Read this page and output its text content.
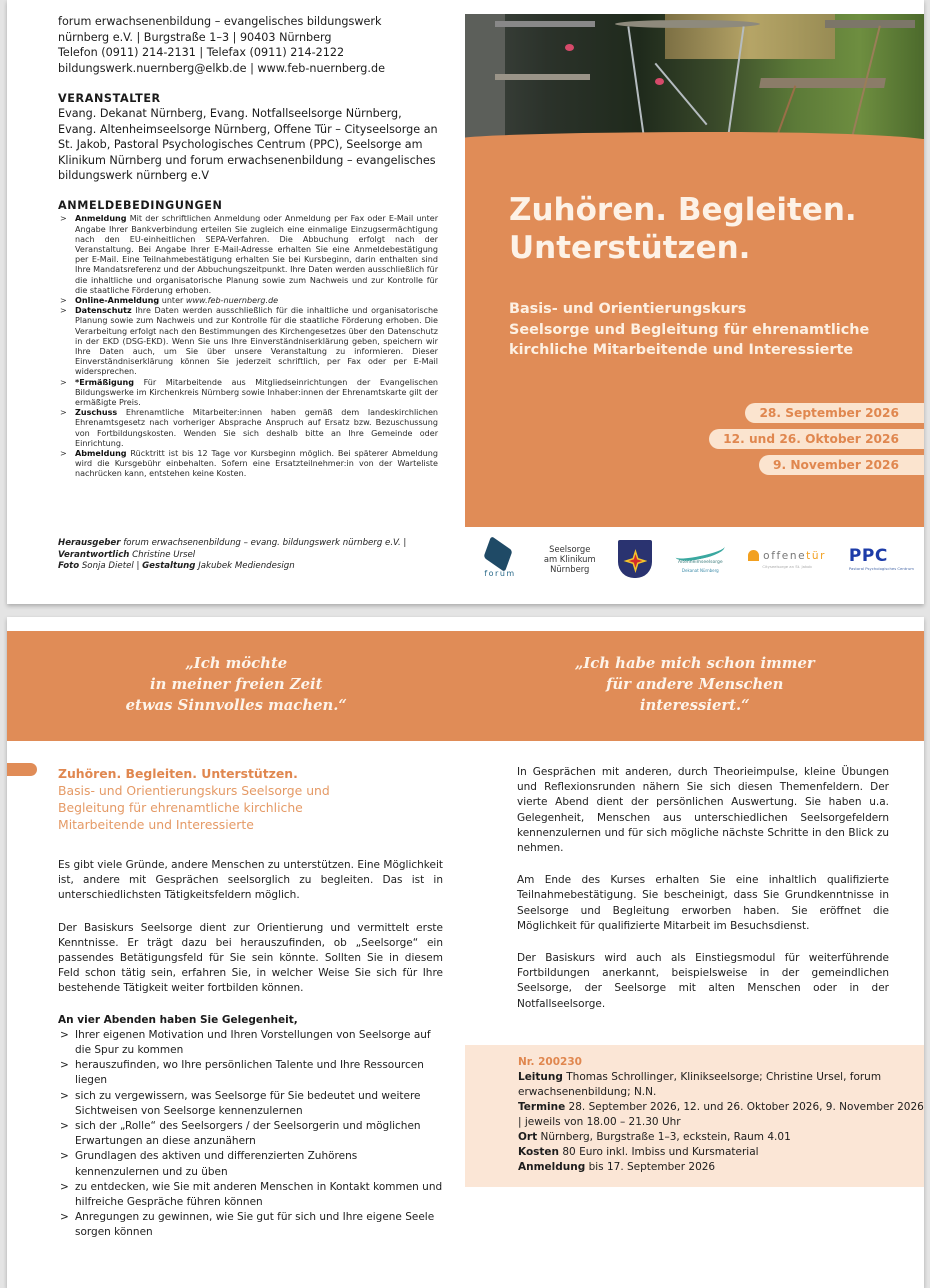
forum erwachsenenbildung – evangelisches bildungswerk
nürnberg e.V. | Burgstraße 1–3 | 90403 Nürnberg
Telefon (0911) 214-2131 | Telefax (0911) 214-2122
bildungswerk.nuernberg@elkb.de | www.feb-nuernberg.de
VERANSTALTER
Evang. Dekanat Nürnberg, Evang. Notfallseelsorge Nürnberg, Evang. Altenheimseelsorge Nürnberg, Offene Tür – Cityseelsorge an St. Jakob, Pastoral Psychologisches Centrum (PPC), Seelsorge am Klinikum Nürnberg und forum erwachsenenbildung – evangelisches bildungswerk nürnberg e.V
ANMELDEBEDINGUNGEN
> Anmeldung Mit der schriftlichen Anmeldung oder Anmeldung per Fax oder E-Mail unter Angabe Ihrer Bankverbindung erteilen Sie zugleich eine einmalige Einzugsermächtigung nach den EU-einheitlichen SEPA-Verfahren. Die Abbuchung erfolgt nach der Veranstaltung. Bei Angabe Ihrer E-Mail-Adresse erhalten Sie eine Anmeldebestätigung per E-Mail. Eine Teilnahmebestätigung erhalten Sie bei Kursbeginn, darin enthalten sind Ihre Mandatsreferenz und der Abbuchungszeitpunkt. Ihre Daten werden ausschließlich für die inhaltliche und organisatorische Planung sowie zum Nachweis und zur Kontrolle für die staatliche Förderung erhoben.
> Online-Anmeldung unter www.feb-nuernberg.de
> Datenschutz Ihre Daten werden ausschließlich für die inhaltliche und organisatorische Planung sowie zum Nachweis und zur Kontrolle für die staatliche Förderung erhoben. Die Verarbeitung erfolgt nach den Bestimmungen des Kirchengesetzes über den Datenschutz in der EKD (DSG-EKD). Wenn Sie uns Ihre Einverständniserklärung geben, speichern wir Ihre Daten auch, um Sie über unsere Veranstaltung zu informieren. Dieser Einverständniserklärung können Sie jederzeit schriftlich, per Fax oder per E-Mail widersprechen.
> *Ermäßigung Für Mitarbeitende aus Mitgliedseinrichtungen der Evangelischen Bildungswerke im Kirchenkreis Nürnberg sowie Inhaber:innen der Ehrenamtskarte gilt der ermäßigte Preis.
> Zuschuss Ehrenamtliche Mitarbeiter:innen haben gemäß dem landeskirchlichen Ehrenamtsgesetz nach vorheriger Absprache Anspruch auf Ersatz bzw. Bezuschussung von Fortbildungskosten. Wenden Sie sich deshalb bitte an Ihre Gemeinde oder Einrichtung.
> Abmeldung Rücktritt ist bis 12 Tage vor Kursbeginn möglich. Bei späterer Abmeldung wird die Kursgebühr einbehalten. Sofern eine Ersatzteilnehmer:in von der Warteliste nachrücken kann, entstehen keine Kosten.
Herausgeber forum erwachsenenbildung – evang. bildungswerk nürnberg e.V. |
Verantwortlich Christine Ursel
Foto Sonja Dietel | Gestaltung Jakubek Mediendesign
Zuhören. Begleiten.
Unterstützen.
Basis- und Orientierungskurs
Seelsorge und Begleitung für ehrenamtliche
kirchliche Mitarbeitende und Interessierte
28. September 2026
12. und 26. Oktober 2026
9. November 2026
forum
Seelsorge
am Klinikum
Nürnberg
Altenheimseelsorge
Dekanat Nürnberg
offene tür
Cityseelsorge an St. Jakob
PPC
Pastoral Psychologisches Centrum
„Ich möchte
in meiner freien Zeit
etwas Sinnvolles machen.“
„Ich habe mich schon immer
für andere Menschen
interessiert.“
Zuhören. Begleiten. Unterstützen.
Basis- und Orientierungskurs Seelsorge und
Begleitung für ehrenamtliche kirchliche
Mitarbeitende und Interessierte

Es gibt viele Gründe, andere Menschen zu unterstützen. Eine Möglichkeit ist, andere mit Gesprächen seelsorglich zu begleiten. Das ist in unterschiedlichsten Tätigkeitsfeldern möglich.

Der Basiskurs Seelsorge dient zur Orientierung und vermittelt erste Kenntnisse. Er trägt dazu bei herauszufinden, ob „Seelsorge“ ein passendes Betätigungsfeld für Sie sein könnte. Sollten Sie in diesem Feld schon tätig sein, erfahren Sie, in welcher Weise Sie sich für Ihre bestehende Tätigkeit weiter fortbilden können.

An vier Abenden haben Sie Gelegenheit,
> Ihrer eigenen Motivation und Ihren Vorstellungen von Seelsorge auf die Spur zu kommen
> herauszufinden, wo Ihre persönlichen Talente und Ihre Ressourcen liegen
> sich zu vergewissern, was Seelsorge für Sie bedeutet und weitere Sichtweisen von Seelsorge kennenzulernen
> sich der „Rolle“ des Seelsorgers / der Seelsorgerin und möglichen Erwartungen an diese anzunähern
> Grundlagen des aktiven und differenzierten Zuhörens kennenzulernen und zu üben
> zu entdecken, wie Sie mit anderen Menschen in Kontakt kommen und hilfreiche Gespräche führen können
> Anregungen zu gewinnen, wie Sie gut für sich und Ihre eigene Seele sorgen können

In Gesprächen mit anderen, durch Theorieimpulse, kleine Übungen und Reflexionsrunden nähern Sie sich diesen Themenfeldern. Der vierte Abend dient der persönlichen Auswertung. Sie haben u.a. Gelegenheit, Menschen aus unterschiedlichen Seelsorgefeldern kennenzulernen und für sich mögliche nächste Schritte in den Blick zu nehmen.

Am Ende des Kurses erhalten Sie eine inhaltlich qualifizierte Teilnahmebestätigung. Sie bescheinigt, dass Sie Grundkenntnisse in Seelsorge und Begleitung erworben haben. Sie eröffnet die Möglichkeit für qualifizierte Mitarbeit im Besuchsdienst.

Der Basiskurs wird auch als Einstiegsmodul für weiterführende Fortbildungen anerkannt, beispielsweise in der gemeindlichen Seelsorge, der Seelsorge mit alten Menschen oder in der Notfallseelsorge.

Nr. 200230

Leitung Thomas Schrollinger, Klinikseelsorge; Christine Ursel, forum erwachsenenbildung; N.N.

Termine 28. September 2026, 12. und 26. Oktober 2026, 9. November 2026 | jeweils von 18.00 – 21.30 Uhr

Ort Nürnberg, Burgstraße 1–3, eckstein, Raum 4.01

Kosten 80 Euro inkl. Imbiss und Kursmaterial

Anmeldung bis 17. September 2026
